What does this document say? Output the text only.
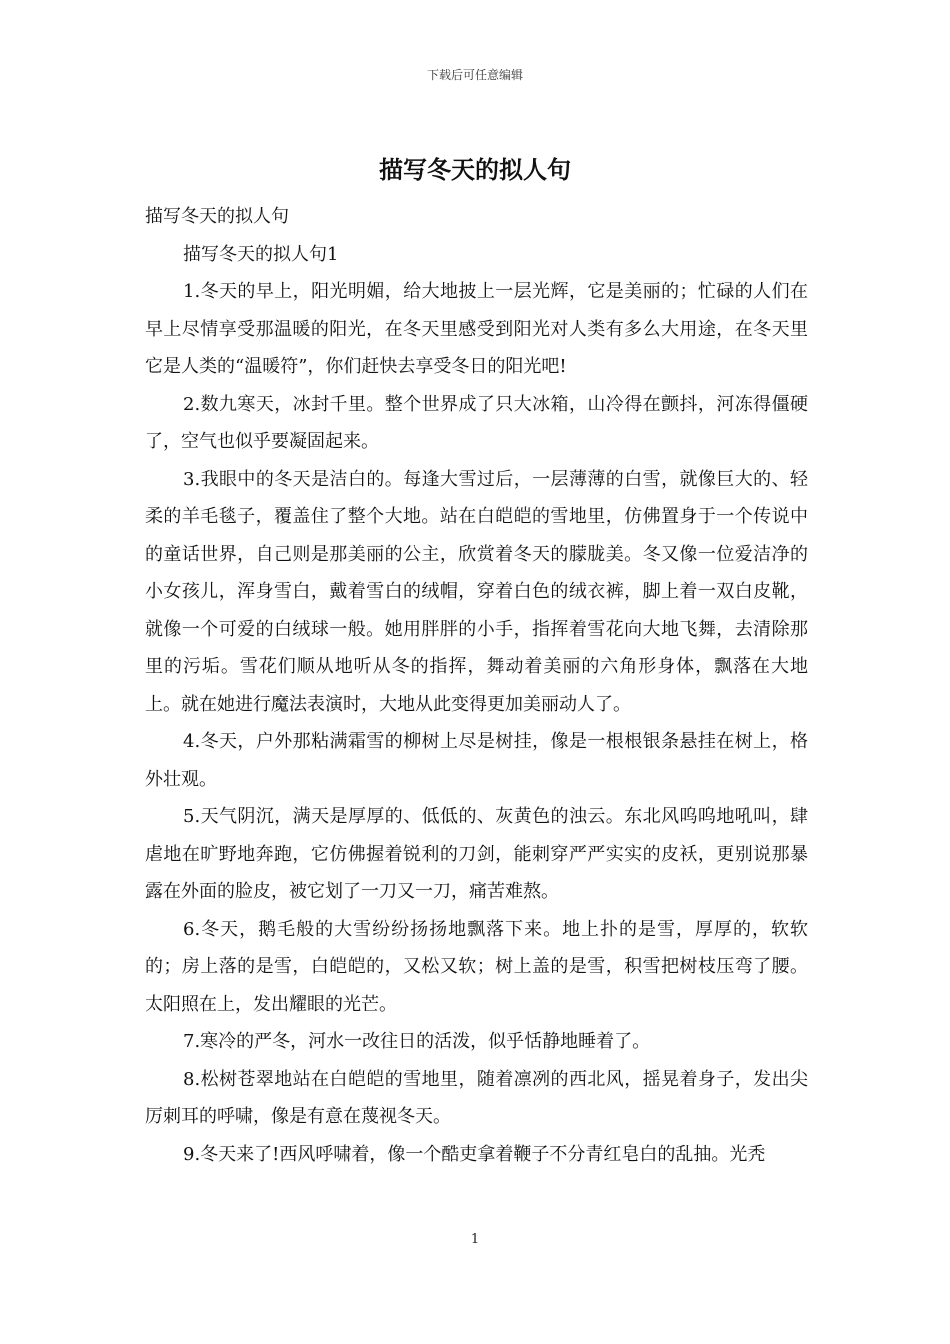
下载后可任意编辑
描写冬天的拟人句

描写冬天的拟人句

描写冬天的拟人句1

1.冬天的早上，阳光明媚，给大地披上一层光辉，它是美丽的；忙碌的人们在早上尽情享受那温暖的阳光，在冬天里感受到阳光对人类有多么大用途，在冬天里它是人类的“温暖符”，你们赶快去享受冬日的阳光吧!

2.数九寒天，冰封千里。整个世界成了只大冰箱，山冷得在颤抖，河冻得僵硬了，空气也似乎要凝固起来。

3.我眼中的冬天是洁白的。每逢大雪过后，一层薄薄的白雪，就像巨大的、轻柔的羊毛毯子，覆盖住了整个大地。站在白皑皑的雪地里，仿佛置身于一个传说中的童话世界，自己则是那美丽的公主，欣赏着冬天的朦胧美。冬又像一位爱洁净的小女孩儿，浑身雪白，戴着雪白的绒帽，穿着白色的绒衣裤，脚上着一双白皮靴，就像一个可爱的白绒球一般。她用胖胖的小手，指挥着雪花向大地飞舞，去清除那里的污垢。雪花们顺从地听从冬的指挥，舞动着美丽的六角形身体，飘落在大地上。就在她进行魔法表演时，大地从此变得更加美丽动人了。

4.冬天，户外那粘满霜雪的柳树上尽是树挂，像是一根根银条悬挂在树上，格外壮观。

5.天气阴沉，满天是厚厚的、低低的、灰黄色的浊云。东北风呜呜地吼叫，肆虐地在旷野地奔跑，它仿佛握着锐利的刀剑，能刺穿严严实实的皮袄，更别说那暴露在外面的脸皮，被它划了一刀又一刀，痛苦难熬。

6.冬天，鹅毛般的大雪纷纷扬扬地飘落下来。地上扑的是雪，厚厚的，软软的；房上落的是雪，白皑皑的，又松又软；树上盖的是雪，积雪把树枝压弯了腰。太阳照在上，发出耀眼的光芒。

7.寒冷的严冬，河水一改往日的活泼，似乎恬静地睡着了。

8.松树苍翠地站在白皑皑的雪地里，随着凛冽的西北风，摇晃着身子，发出尖厉刺耳的呼啸，像是有意在蔑视冬天。

9.冬天来了!西风呼啸着，像一个酷吏拿着鞭子不分青红皂白的乱抽。光秃

1
